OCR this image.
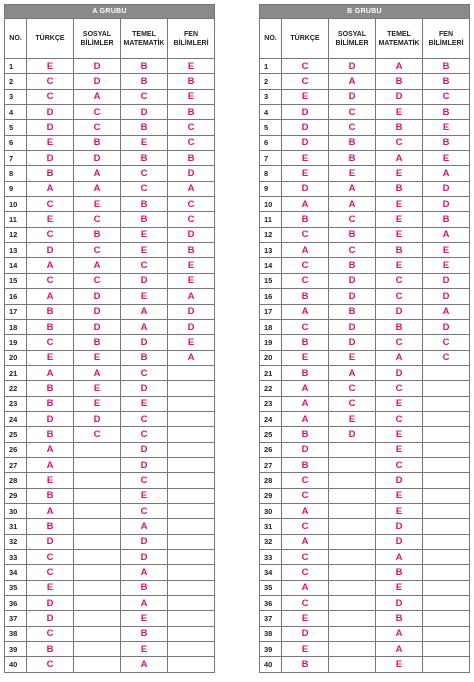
A GRUBU				
NO.	TÜRKÇE	SOSYAL BİLİMLER	TEMEL MATEMATİK	FEN BİLİMLERİ
1	E	D	B	E
2	C	D	B	B
3	C	A	C	E
4	D	C	D	B
5	D	C	B	C
6	E	B	E	C
7	D	D	B	B
8	B	A	C	D
9	A	A	C	A
10	C	E	B	C
11	E	C	B	C
12	C	B	E	D
13	D	C	E	B
14	A	A	C	E
15	C	C	D	E
16	A	D	E	A
17	B	D	A	D
18	B	D	A	D
19	C	B	D	E
20	E	E	B	A
21	A	A	C	
22	B	E	D	
23	B	E	E	
24	D	D	C	
25	B	C	C	
26	A		D	
27	A		D	
28	E		C	
29	B		E	
30	A		C	
31	B		A	
32	D		D	
33	C		D	
34	C		A	
35	E		B	
36	D		A	
37	D		E	
38	C		B	
39	B		E	
40	C		A	
B GRUBU				
NO.	TÜRKÇE	SOSYAL BİLİMLER	TEMEL MATEMATİK	FEN BİLİMLERİ
1	C	D	A	B
2	C	A	B	B
3	E	D	D	C
4	D	C	E	B
5	D	C	B	E
6	D	B	C	B
7	E	B	A	E
8	E	E	E	A
9	D	A	B	D
10	A	A	E	D
11	B	C	E	B
12	C	B	E	A
13	A	C	B	E
14	C	B	E	E
15	C	D	C	D
16	B	D	C	D
17	A	B	D	A
18	C	D	B	D
19	B	D	C	C
20	E	E	A	C
21	B	A	D	
22	A	C	C	
23	A	C	E	
24	A	E	C	
25	B	D	E	
26	D		E	
27	B		C	
28	C		D	
29	C		E	
30	A		E	
31	C		D	
32	A		D	
33	C		A	
34	C		B	
35	A		E	
36	C		D	
37	E		B	
38	D		A	
39	E		A	
40	B		E	
